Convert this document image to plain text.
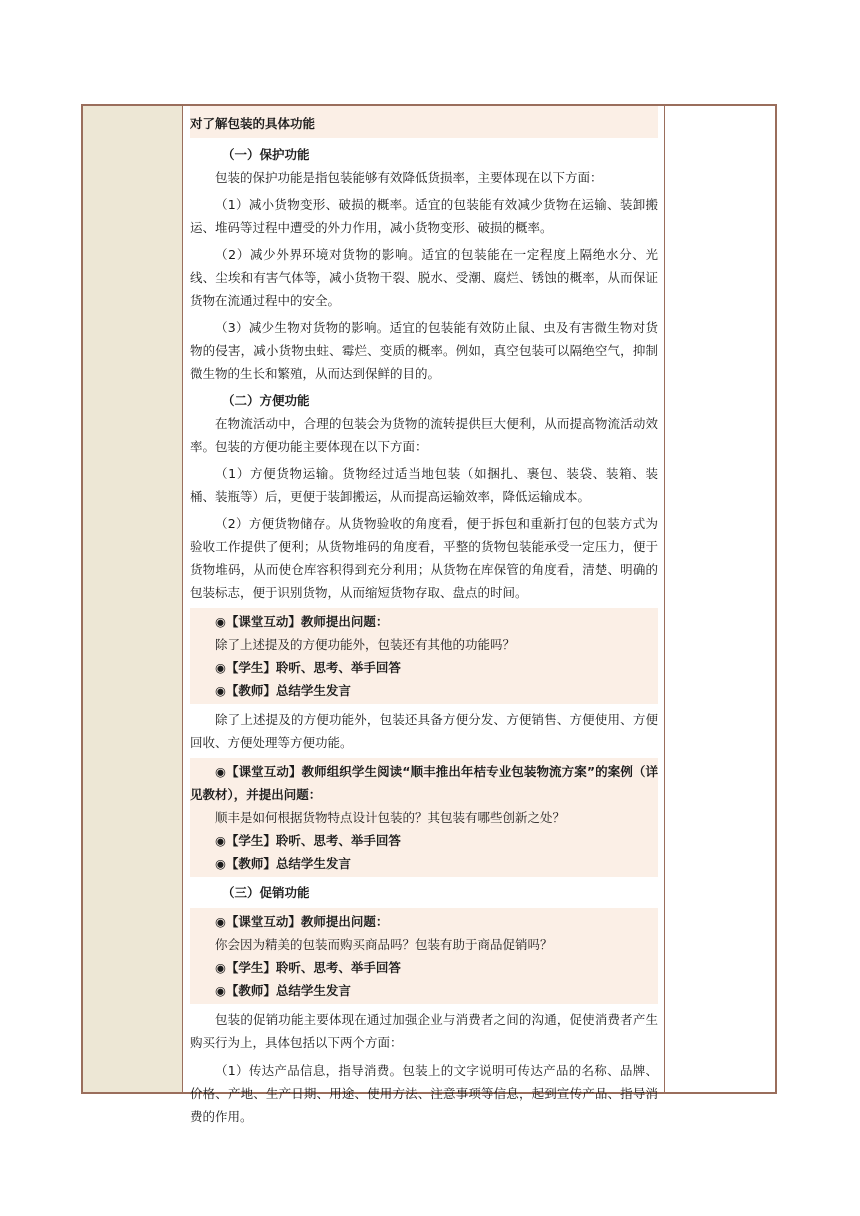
对了解包装的具体功能

（一）保护功能

包装的保护功能是指包装能够有效降低货损率，主要体现在以下方面：

（1）减小货物变形、破损的概率。适宜的包装能有效减少货物在运输、装卸搬运、堆码等过程中遭受的外力作用，减小货物变形、破损的概率。

（2）减少外界环境对货物的影响。适宜的包装能在一定程度上隔绝水分、光线、尘埃和有害气体等，减小货物干裂、脱水、受潮、腐烂、锈蚀的概率，从而保证货物在流通过程中的安全。

（3）减少生物对货物的影响。适宜的包装能有效防止鼠、虫及有害微生物对货物的侵害，减小货物虫蛀、霉烂、变质的概率。例如，真空包装可以隔绝空气，抑制微生物的生长和繁殖，从而达到保鲜的目的。

（二）方便功能

在物流活动中，合理的包装会为货物的流转提供巨大便利，从而提高物流活动效率。包装的方便功能主要体现在以下方面：

（1）方便货物运输。货物经过适当地包装（如捆扎、裹包、装袋、装箱、装桶、装瓶等）后，更便于装卸搬运，从而提高运输效率，降低运输成本。

（2）方便货物储存。从货物验收的角度看，便于拆包和重新打包的包装方式为验收工作提供了便利；从货物堆码的角度看，平整的货物包装能承受一定压力，便于货物堆码，从而使仓库容积得到充分利用；从货物在库保管的角度看，清楚、明确的包装标志，便于识别货物，从而缩短货物存取、盘点的时间。

◉【课堂互动】教师提出问题：

除了上述提及的方便功能外，包装还有其他的功能吗？

◉【学生】聆听、思考、举手回答

◉【教师】总结学生发言

除了上述提及的方便功能外，包装还具备方便分发、方便销售、方便使用、方便回收、方便处理等方便功能。

◉【课堂互动】教师组织学生阅读“顺丰推出年桔专业包装物流方案”的案例（详见教材），并提出问题：

顺丰是如何根据货物特点设计包装的？其包装有哪些创新之处？

◉【学生】聆听、思考、举手回答

◉【教师】总结学生发言

（三）促销功能

◉【课堂互动】教师提出问题：

你会因为精美的包装而购买商品吗？包装有助于商品促销吗？

◉【学生】聆听、思考、举手回答

◉【教师】总结学生发言

包装的促销功能主要体现在通过加强企业与消费者之间的沟通，促使消费者产生购买行为上，具体包括以下两个方面：

（1）传达产品信息，指导消费。包装上的文字说明可传达产品的名称、品牌、价格、产地、生产日期、用途、使用方法、注意事项等信息，起到宣传产品、指导消费的作用。
